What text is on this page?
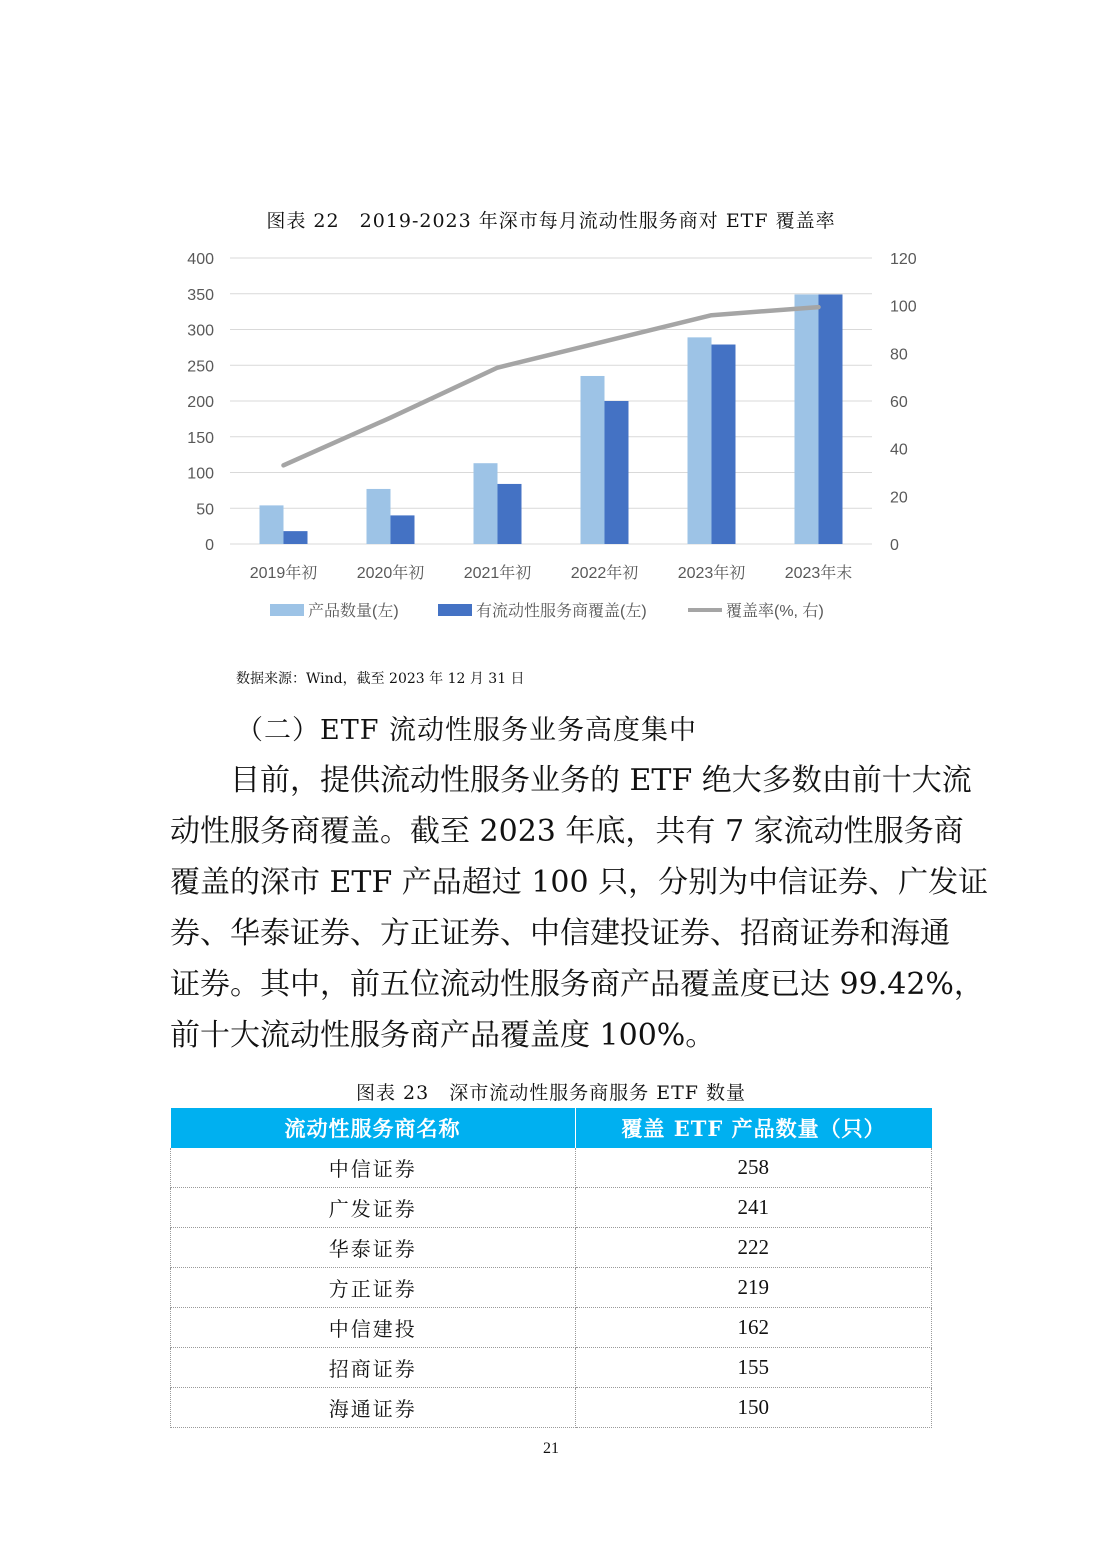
图表 22　2019-2023 年深市每月流动性服务商对 ETF 覆盖率
0
50
100
150
200
250
300
350
400
0
20
40
60
80
100
120
2019年初 2020年初 2021年初 2022年初 2023年初 2023年末
产品数量(左)	有流动性服务商覆盖(左)	覆盖率(%, 右)
数据来源：Wind，截至 2023 年 12 月 31 日
（二）ETF 流动性服务业务高度集中
目前，提供流动性服务业务的 ETF 绝大多数由前十大流
动性服务商覆盖。截至 2023 年底，共有 7 家流动性服务商
覆盖的深市 ETF 产品超过 100 只，分别为中信证券、广发证
券、华泰证券、方正证券、中信建投证券、招商证券和海通
证券。其中，前五位流动性服务商产品覆盖度已达 99.42%，
前十大流动性服务商产品覆盖度 100%。
图表 23　深市流动性服务商服务 ETF 数量
流动性服务商名称	覆盖 ETF 产品数量（只）
中信证券	258
广发证券	241
华泰证券	222
方正证券	219
中信建投	162
招商证券	155
海通证券	150
21
